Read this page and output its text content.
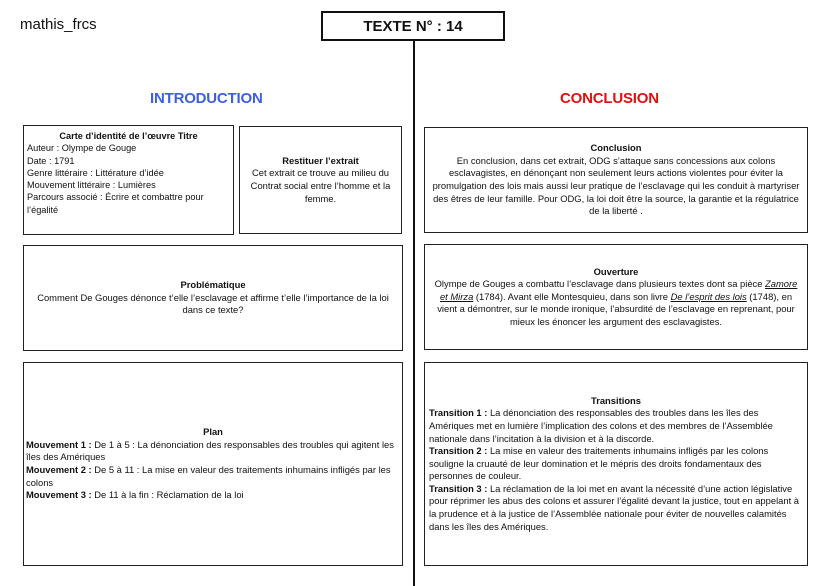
mathis_frcs	TEXTE N° : 14
INTRODUCTION	CONCLUSION
Carte d’identité de l’œuvre Titre

Auteur : Olympe de Gouge

Date : 1791

Genre littéraire : Littérature d’idée

Mouvement littéraire : Lumières

Parcours associé : Écrire et combattre pour l’égalité

Restituer l’extrait

Cet extrait ce trouve au milieu du Contrat social entre l’homme et la femme.

Problématique

Comment De Gouges dénonce t’elle l’esclavage et affirme t’elle l’importance de la loi dans ce texte?

Plan

Mouvement 1 : De 1 à 5 : La dénonciation des responsables des troubles qui agitent les îles des Amériques

Mouvement 2 : De 5 à 11 : La mise en valeur des traitements inhumains infligés par les colons

Mouvement 3 : De 11 à la fin : Réclamation de la loi

Conclusion

En conclusion, dans cet extrait, ODG s’attaque sans concessions aux colons esclavagistes, en dénonçant non seulement leurs actions violentes pour éviter la promulgation des lois mais aussi leur pratique de l’esclavage qui les conduit à martyriser des êtres de leur famille. Pour ODG, la loi doit être la source, la garantie et la régulatrice de la liberté .

Ouverture

Olympe de Gouges a combattu l’esclavage dans plusieurs textes dont sa pièce Zamore et Mirza (1784). Avant elle Montesquieu, dans son livre De l’esprit des lois (1748), en vient a démontrer, sur le monde ironique, l’absurdité de l’esclavage en reprenant, pour mieux les énoncer les argument des esclavagistes.

Transitions

Transition 1 : La dénonciation des responsables des troubles dans les îles des Amériques met en lumière l’implication des colons et des membres de l’Assemblée nationale dans l’incitation à la division et à la discorde.

Transition 2 : La mise en valeur des traitements inhumains infligés par les colons souligne la cruauté de leur domination et le mépris des droits fondamentaux des personnes de couleur.

Transition 3 : La réclamation de la loi met en avant la nécessité d’une action législative pour réprimer les abus des colons et assurer l’égalité devant la justice, tout en appelant à la prudence et à la justice de l’Assemblée nationale pour éviter de nouvelles calamités dans les îles des Amériques.
